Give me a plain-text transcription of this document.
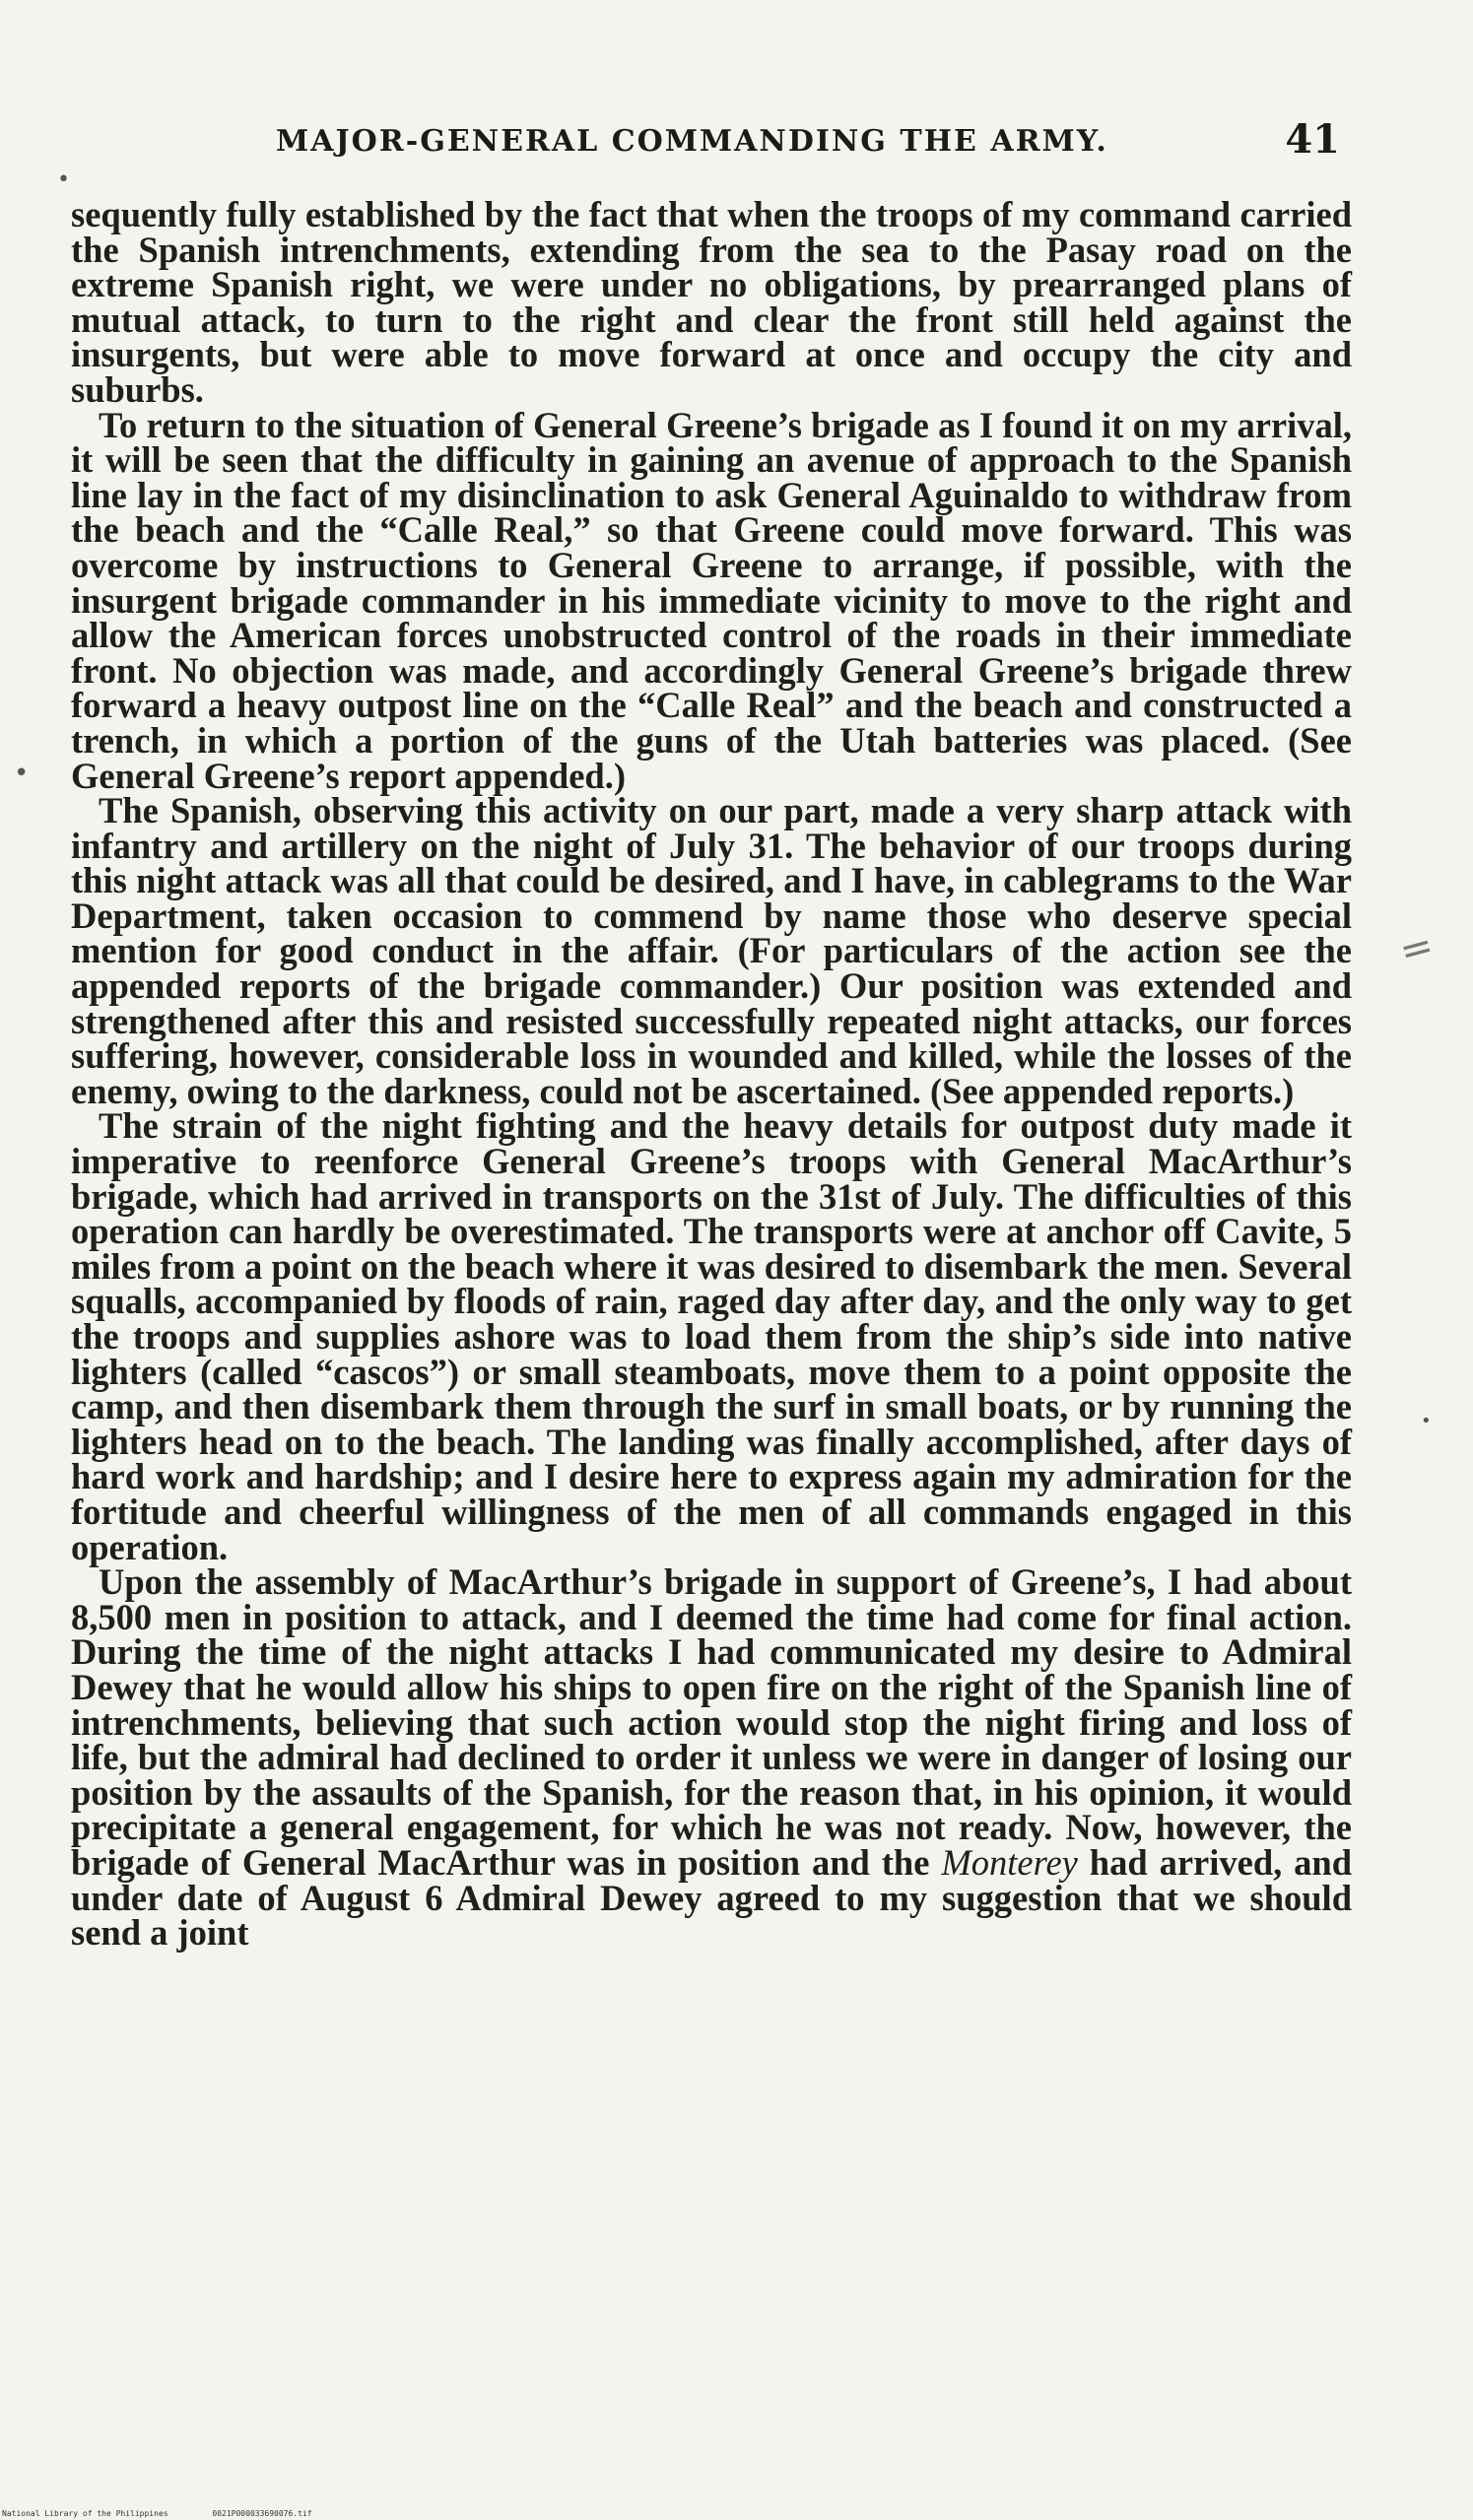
MAJOR-GENERAL COMMANDING THE ARMY.	41

sequently fully established by the fact that when the troops of my command carried the Spanish intrenchments, extending from the sea to the Pasay road on the extreme Spanish right, we were under no obligations, by prearranged plans of mutual attack, to turn to the right and clear the front still held against the insurgents, but were able to move forward at once and occupy the city and suburbs.

To return to the situation of General Greene’s brigade as I found it on my arrival, it will be seen that the difficulty in gaining an avenue of approach to the Spanish line lay in the fact of my disinclination to ask General Aguinaldo to withdraw from the beach and the “Calle Real,” so that Greene could move forward. This was overcome by instructions to General Greene to arrange, if possible, with the insurgent brigade commander in his immediate vicinity to move to the right and allow the American forces unobstructed control of the roads in their immediate front. No objection was made, and accordingly General Greene’s brigade threw forward a heavy outpost line on the “Calle Real” and the beach and constructed a trench, in which a portion of the guns of the Utah batteries was placed. (See General Greene’s report appended.)

The Spanish, observing this activity on our part, made a very sharp attack with infantry and artillery on the night of July 31. The behavior of our troops during this night attack was all that could be desired, and I have, in cablegrams to the War Department, taken occasion to commend by name those who deserve special mention for good conduct in the affair. (For particulars of the action see the appended reports of the brigade commander.) Our position was extended and strengthened after this and resisted successfully repeated night attacks, our forces suffering, however, considerable loss in wounded and killed, while the losses of the enemy, owing to the darkness, could not be ascertained. (See appended reports.)

The strain of the night fighting and the heavy details for outpost duty made it imperative to reenforce General Greene’s troops with General MacArthur’s brigade, which had arrived in transports on the 31st of July. The difficulties of this operation can hardly be overestimated. The transports were at anchor off Cavite, 5 miles from a point on the beach where it was desired to disembark the men. Several squalls, accompanied by floods of rain, raged day after day, and the only way to get the troops and supplies ashore was to load them from the ship’s side into native lighters (called “cascos”) or small steamboats, move them to a point opposite the camp, and then disembark them through the surf in small boats, or by running the lighters head on to the beach. The landing was finally accomplished, after days of hard work and hardship; and I desire here to express again my admiration for the fortitude and cheerful willingness of the men of all commands engaged in this operation.

Upon the assembly of MacArthur’s brigade in support of Greene’s, I had about 8,500 men in position to attack, and I deemed the time had come for final action. During the time of the night attacks I had communicated my desire to Admiral Dewey that he would allow his ships to open fire on the right of the Spanish line of intrenchments, believing that such action would stop the night firing and loss of life, but the admiral had declined to order it unless we were in danger of losing our position by the assaults of the Spanish, for the reason that, in his opinion, it would precipitate a general engagement, for which he was not ready. Now, however, the brigade of General MacArthur was in position and the Monterey had arrived, and under date of August 6 Admiral Dewey agreed to my suggestion that we should send a joint

=
•
•
•
National Library of the Philippines	0021P000033690076.tif
